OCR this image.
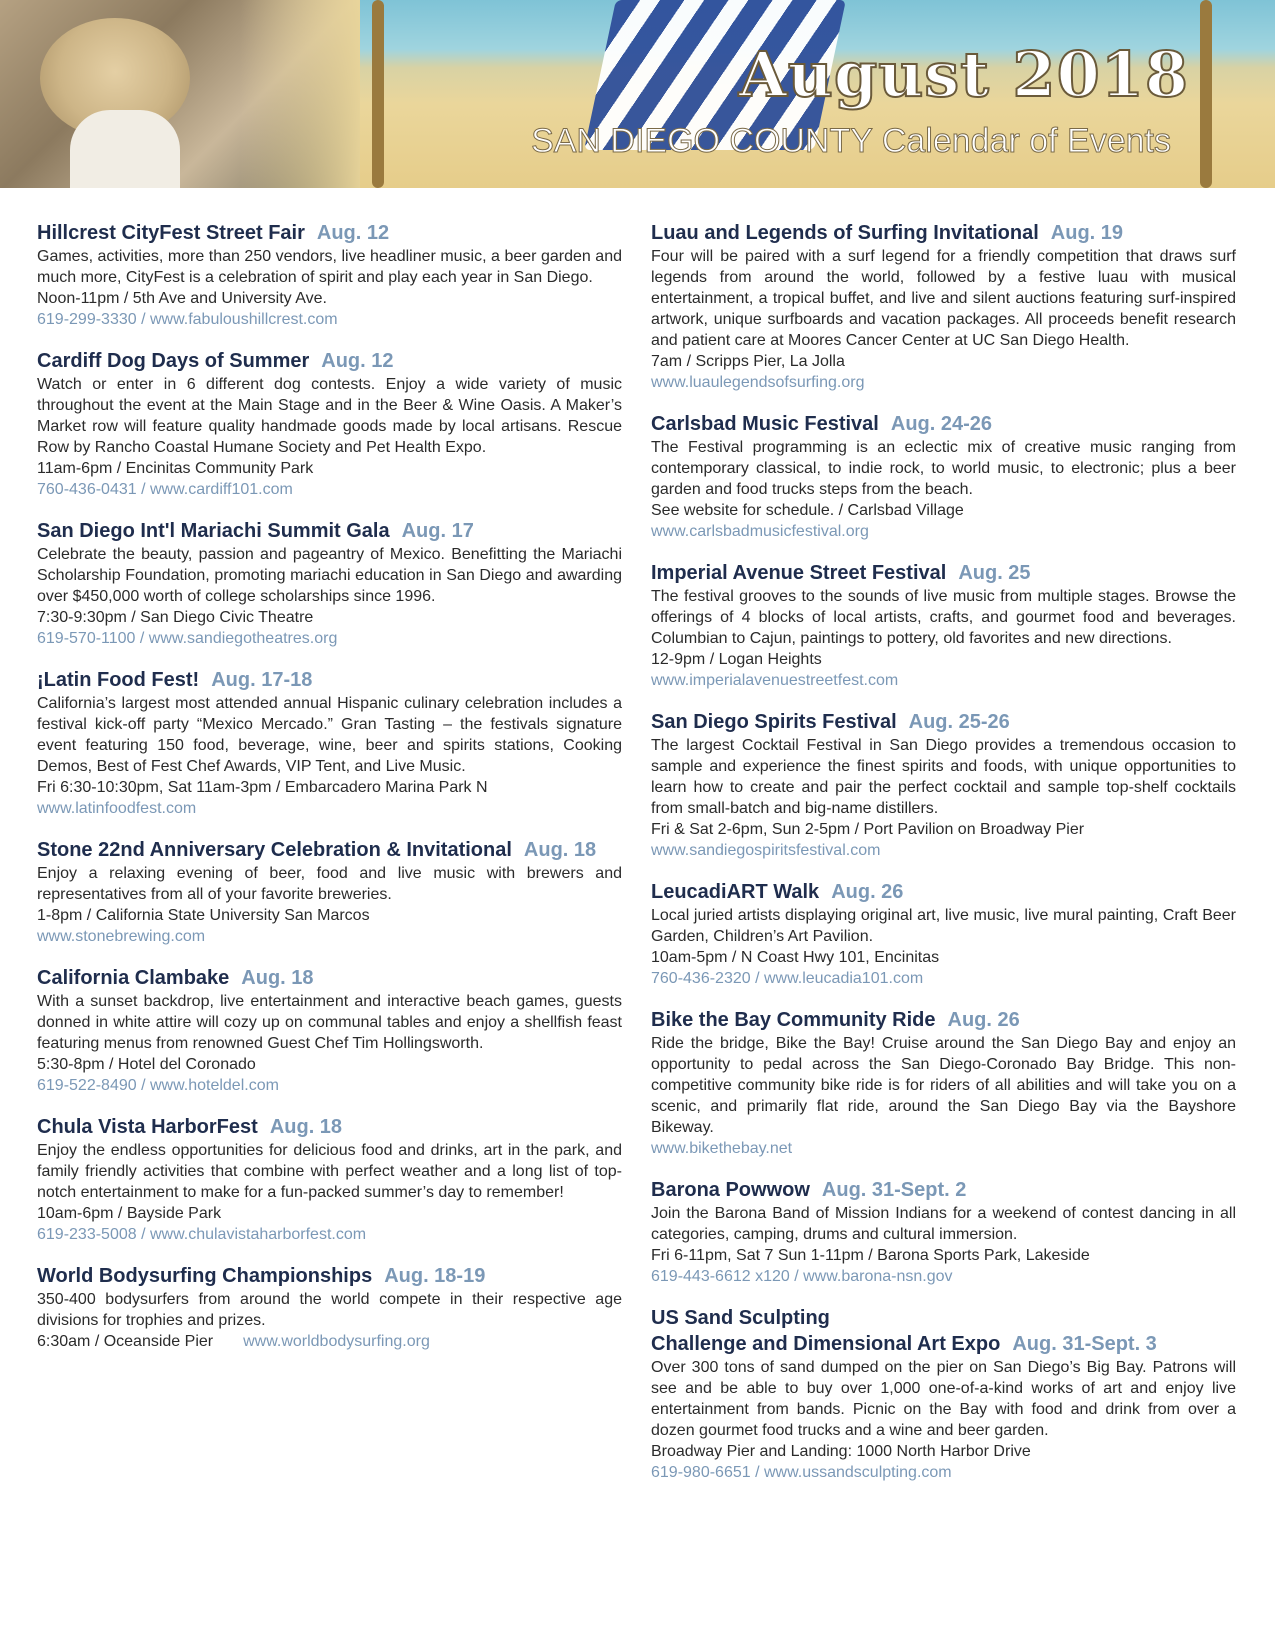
August 2018
SAN DIEGO COUNTY Calendar of Events
Hillcrest CityFest Street Fair Aug. 12

Games, activities, more than 250 vendors, live headliner music, a beer garden and much more, CityFest is a celebration of spirit and play each year in San Diego.

Noon-11pm / 5th Ave and University Ave.
619-299-3330 / www.fabuloushillcrest.com
Cardiff Dog Days of Summer Aug. 12

Watch or enter in 6 different dog contests. Enjoy a wide variety of music throughout the event at the Main Stage and in the Beer & Wine Oasis. A Maker’s Market row will feature quality handmade goods made by local artisans. Rescue Row by Rancho Coastal Humane Society and Pet Health Expo.

11am-6pm / Encinitas Community Park
760-436-0431 / www.cardiff101.com
San Diego Int'l Mariachi Summit Gala Aug. 17

Celebrate the beauty, passion and pageantry of Mexico. Benefitting the Mariachi Scholarship Foundation, promoting mariachi education in San Diego and awarding over $450,000 worth of college scholarships since 1996.

7:30-9:30pm / San Diego Civic Theatre
619-570-1100 / www.sandiegotheatres.org
¡Latin Food Fest! Aug. 17-18

California’s largest most attended annual Hispanic culinary celebration includes a festival kick-off party “Mexico Mercado.” Gran Tasting – the festivals signature event featuring 150 food, beverage, wine, beer and spirits stations, Cooking Demos, Best of Fest Chef Awards, VIP Tent, and Live Music.

Fri 6:30-10:30pm, Sat 11am-3pm / Embarcadero Marina Park N
www.latinfoodfest.com
Stone 22nd Anniversary Celebration & Invitational Aug. 18

Enjoy a relaxing evening of beer, food and live music with brewers and representatives from all of your favorite breweries.

1-8pm / California State University San Marcos
www.stonebrewing.com
California Clambake Aug. 18

With a sunset backdrop, live entertainment and interactive beach games, guests donned in white attire will cozy up on communal tables and enjoy a shellfish feast featuring menus from renowned Guest Chef Tim Hollingsworth.

5:30-8pm / Hotel del Coronado
619-522-8490 / www.hoteldel.com
Chula Vista HarborFest Aug. 18

Enjoy the endless opportunities for delicious food and drinks, art in the park, and family friendly activities that combine with perfect weather and a long list of top-notch entertainment to make for a fun-packed summer’s day to remember!

10am-6pm / Bayside Park
619-233-5008 / www.chulavistaharborfest.com
World Bodysurfing Championships Aug. 18-19

350-400 bodysurfers from around the world compete in their respective age divisions for trophies and prizes.

6:30am / Oceanside Pier www.worldbodysurfing.org
Luau and Legends of Surfing Invitational Aug. 19

Four will be paired with a surf legend for a friendly competition that draws surf legends from around the world, followed by a festive luau with musical entertainment, a tropical buffet, and live and silent auctions featuring surf-inspired artwork, unique surfboards and vacation packages. All proceeds benefit research and patient care at Moores Cancer Center at UC San Diego Health.

7am / Scripps Pier, La Jolla
www.luaulegendsofsurfing.org
Carlsbad Music Festival Aug. 24-26

The Festival programming is an eclectic mix of creative music ranging from contemporary classical, to indie rock, to world music, to electronic; plus a beer garden and food trucks steps from the beach.

See website for schedule. / Carlsbad Village
www.carlsbadmusicfestival.org
Imperial Avenue Street Festival Aug. 25

The festival grooves to the sounds of live music from multiple stages. Browse the offerings of 4 blocks of local artists, crafts, and gourmet food and beverages. Columbian to Cajun, paintings to pottery, old favorites and new directions.

12-9pm / Logan Heights
www.imperialavenuestreetfest.com
San Diego Spirits Festival Aug. 25-26

The largest Cocktail Festival in San Diego provides a tremendous occasion to sample and experience the finest spirits and foods, with unique opportunities to learn how to create and pair the perfect cocktail and sample top-shelf cocktails from small-batch and big-name distillers.

Fri & Sat 2-6pm, Sun 2-5pm / Port Pavilion on Broadway Pier
www.sandiegospiritsfestival.com
LeucadiART Walk Aug. 26

Local juried artists displaying original art, live music, live mural painting, Craft Beer Garden, Children’s Art Pavilion.

10am-5pm / N Coast Hwy 101, Encinitas
760-436-2320 / www.leucadia101.com
Bike the Bay Community Ride Aug. 26

Ride the bridge, Bike the Bay! Cruise around the San Diego Bay and enjoy an opportunity to pedal across the San Diego-Coronado Bay Bridge. This non-competitive community bike ride is for riders of all abilities and will take you on a scenic, and primarily flat ride, around the San Diego Bay via the Bayshore Bikeway.

www.bikethebay.net
Barona Powwow Aug. 31-Sept. 2

Join the Barona Band of Mission Indians for a weekend of contest dancing in all categories, camping, drums and cultural immersion.

Fri 6-11pm, Sat 7 Sun 1-11pm / Barona Sports Park, Lakeside
619-443-6612 x120 / www.barona-nsn.gov
US Sand Sculpting
Challenge and Dimensional Art Expo Aug. 31-Sept. 3

Over 300 tons of sand dumped on the pier on San Diego’s Big Bay. Patrons will see and be able to buy over 1,000 one-of-a-kind works of art and enjoy live entertainment from bands. Picnic on the Bay with food and drink from over a dozen gourmet food trucks and a wine and beer garden.

Broadway Pier and Landing: 1000 North Harbor Drive
619-980-6651 / www.ussandsculpting.com
